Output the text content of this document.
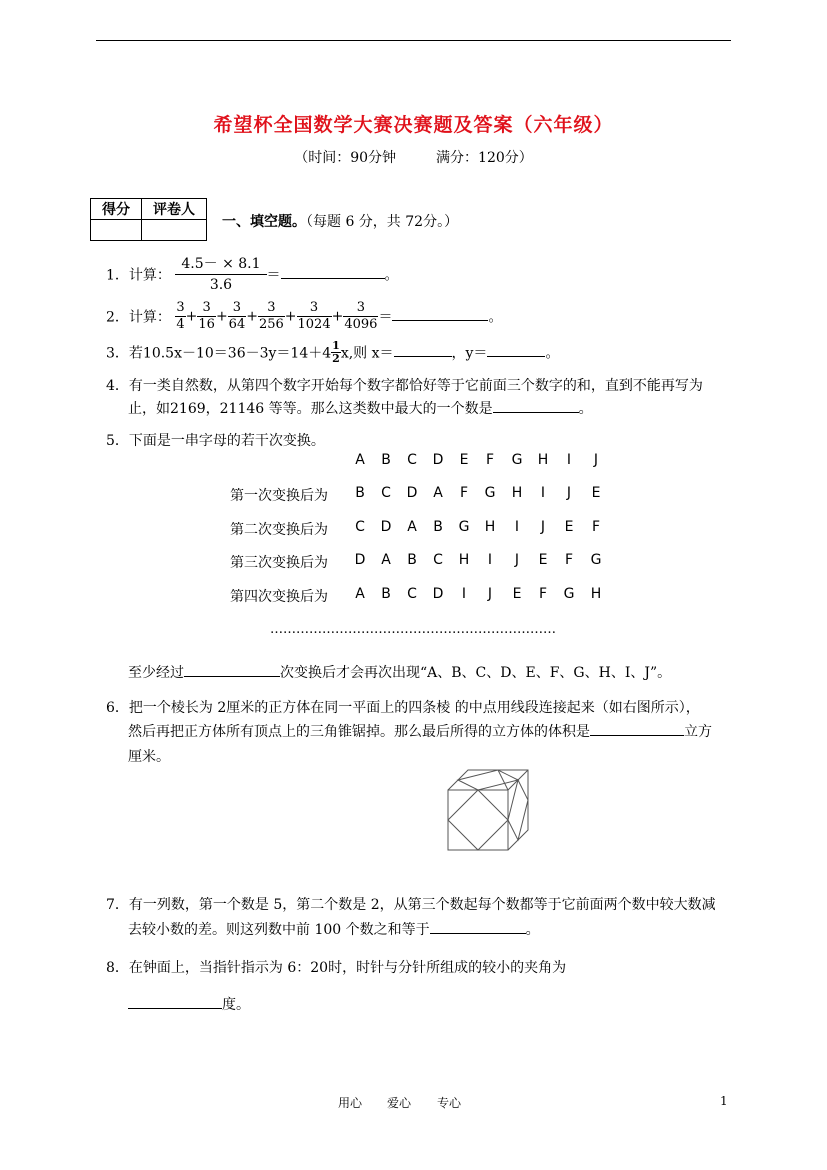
希望杯全国数学大赛决赛题及答案（六年级）
（时间：90分钟	满分：120分）
得分	评卷人

一、填空题。（每题 6 分，共 72分。）
1．计算： $\frac{4.5- \times 8.1}{3.6}$ ＝	。
2．计算： $\frac{3}{4} + \frac{3}{16} + \frac{3}{64} + \frac{3}{256} + \frac{3}{1024} + \frac{3}{4096}$ ＝	。
3．若$10.5x-10=36-3y=14+4 \frac{1}{2} x$,则 x＝	，y＝	。
4．有一类自然数，从第四个数字开始每个数字都恰好等于它前面三个数字的和，直到不能再写为
止，如2169，21146 等等。那么这类数中最大的一个数是	。
5．下面是一串字母的若干次变换。
A	B	C	D	E	F	G	H	I	J
第一次变换后为	B	C	D	A	F	G	H	I	J	E
第二次变换后为	C	D	A	B	G	H	I	J	E	F
第三次变换后为	D	A	B	C	H	I	J	E	F	G
第四次变换后为	A	B	C	D	I	J	E	F	G	H
…………………………………………………………
至少经过	次变换后才会再次出现“A、B、C、D、E、F、G、H、I、J”。
6．把一个棱长为 2厘米的正方体在同一平面上的四条棱 的中点用线段连接起来（如右图所示），
然后再把正方体所有顶点上的三角锥锯掉。那么最后所得的立方体的体积是	立方
厘米。
7．有一列数，第一个数是 5，第二个数是 2，从第三个数起每个数都等于它前面两个数中较大数减
去较小数的差。则这列数中前 100 个数之和等于	。
8．在钟面上，当指针指示为 6：20时，时针与分针所组成的较小的夹角为
度。
用心 爱心 专心	1
